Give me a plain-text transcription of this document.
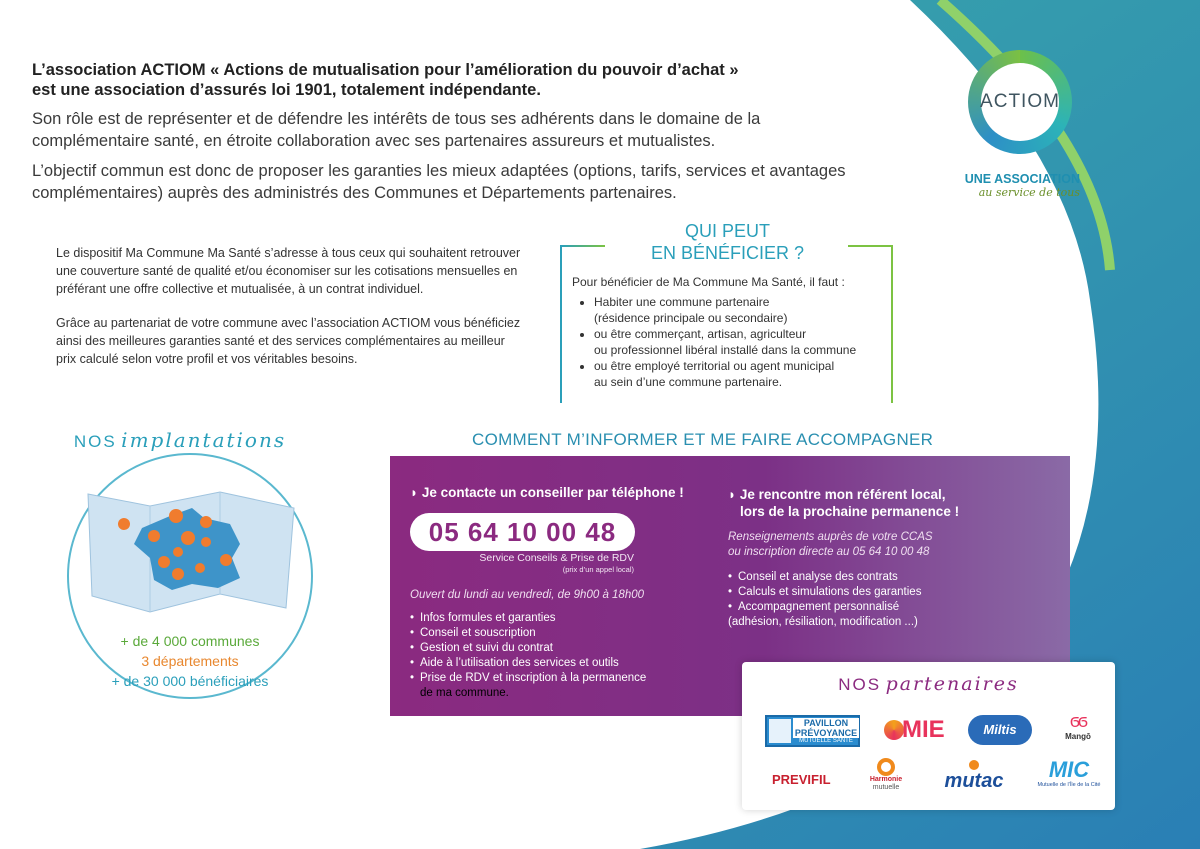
L’association ACTIOM « Actions de mutualisation pour l’amélioration du pouvoir d’achat »

est une association d’assurés loi 1901, totalement indépendante.

Son rôle est de représenter et de défendre les intérêts de tous ses adhérents dans le domaine de la complémentaire santé, en étroite collaboration avec ses partenaires assureurs et mutualistes.

L’objectif commun est donc de proposer les garanties les mieux adaptées (options, tarifs, services et avantages complémentaires) auprès des administrés des Communes et Départements partenaires.

ACTIOM
UNE ASSOCIATION
au service de tous

Le dispositif Ma Commune Ma Santé s’adresse à tous ceux qui souhaitent retrouver une couverture santé de qualité et/ou économiser sur les cotisations mensuelles en préférant une offre collective et mutualisée, à un contrat individuel.

Grâce au partenariat de votre commune avec l’association ACTIOM vous bénéficiez ainsi des meilleures garanties santé et des services complémentaires au meilleur prix calculé selon votre profil et vos véritables besoins.

QUI PEUT
EN BÉNÉFICIER ?
Pour bénéficier de Ma Commune Ma Santé, il faut :
• Habiter une commune partenaire
(résidence principale ou secondaire)
• ou être commerçant, artisan, agriculteur
ou professionnel libéral installé dans la commune
• ou être employé territorial ou agent municipal
au sein d’une commune partenaire.
NOS implantations
+ de 4 000 communes
3 départements
+ de 30 000 bénéficiaires
COMMENT M’INFORMER ET ME FAIRE ACCOMPAGNER
◗ Je contacte un conseiller par téléphone !
05 64 10 00 48
Service Conseils & Prise de RDV
(prix d’un appel local)
Ouvert du lundi au vendredi, de 9h00 à 18h00
• Infos formules et garanties
• Conseil et souscription
• Gestion et suivi du contrat
• Aide à l’utilisation des services et outils
• Prise de RDV et inscription à la permanence
de ma commune.
◗ Je rencontre mon référent local,
lors de la prochaine permanence !
Renseignements auprès de votre CCAS
ou inscription directe au 05 64 10 00 48
• Conseil et analyse des contrats
• Calculs et simulations des garanties
• Accompagnement personnalisé
(adhésion, résiliation, modification ...)
NOS partenaires
PAVILLON
PRÉVOYANCE
MUTUELLE SANTÉ MIE	Miltis	ϭϭ
Mangō
PREVIFIL	Harmonie
mutuelle	mutac	MIC
Mutuelle de l’Île de la Cité
